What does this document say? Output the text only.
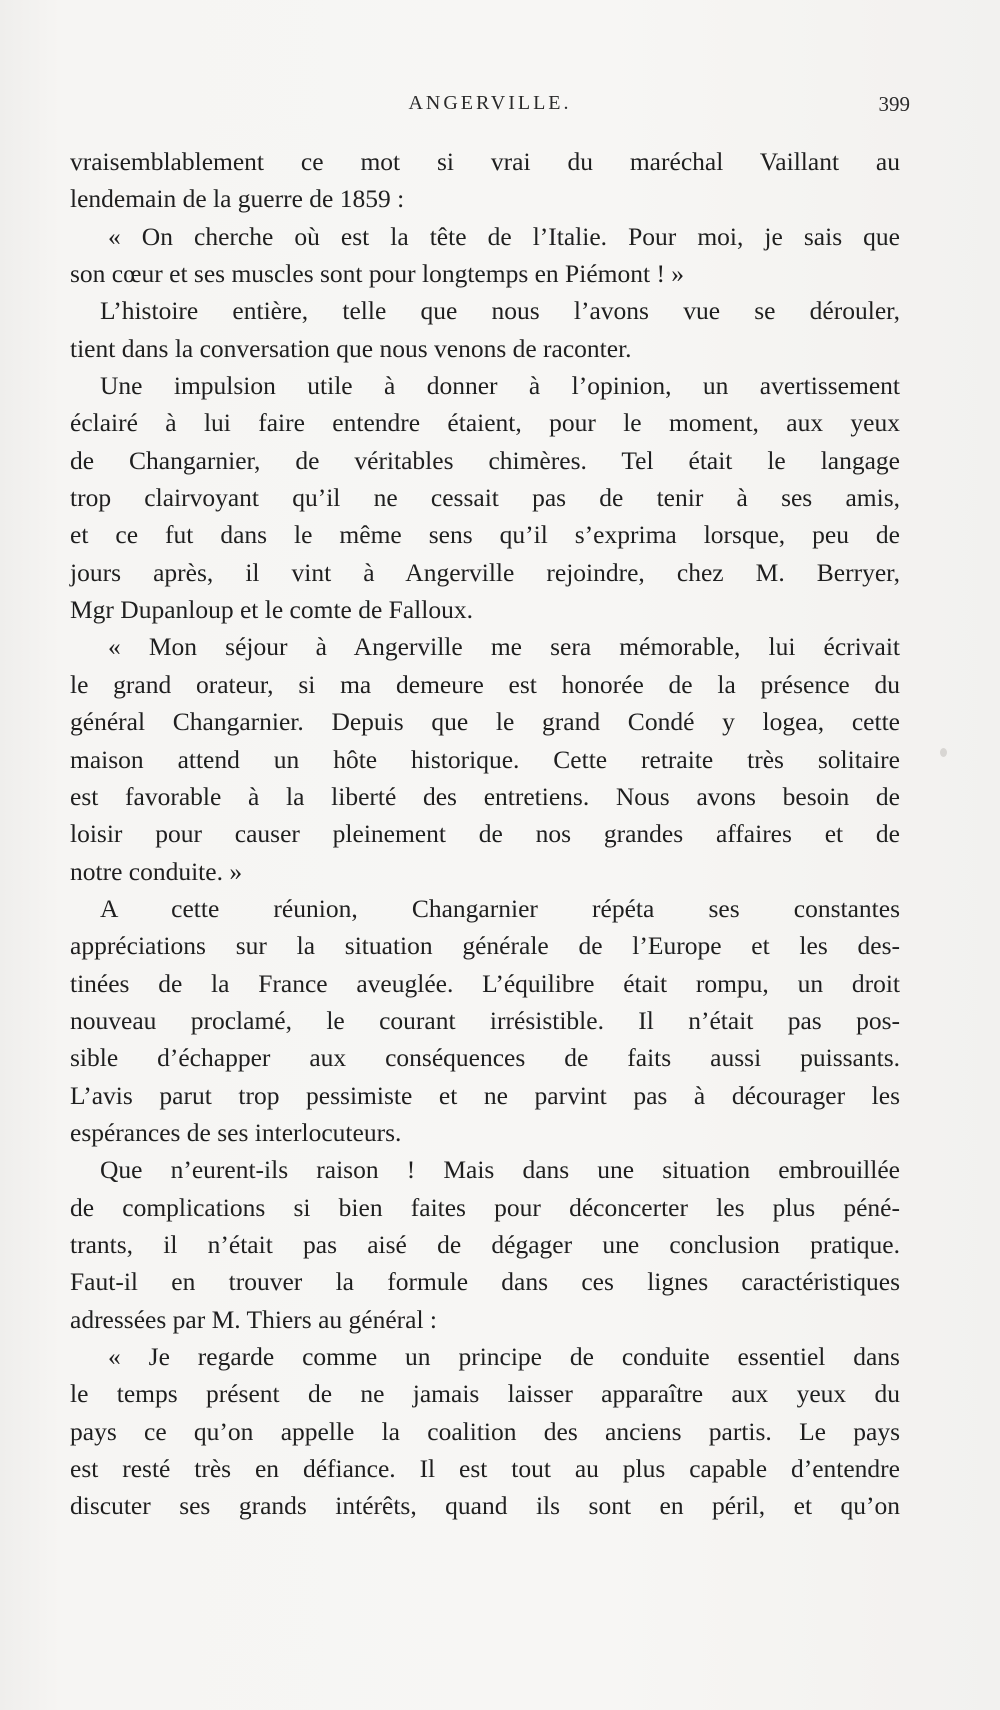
ANGERVILLE.	399

vraisemblablement ce mot si vrai du maréchal Vaillant au

lendemain de la guerre de 1859 :

« On cherche où est la tête de l’Italie. Pour moi, je sais que

son cœur et ses muscles sont pour longtemps en Piémont ! »

L’histoire entière, telle que nous l’avons vue se dérouler,

tient dans la conversation que nous venons de raconter.

Une impulsion utile à donner à l’opinion, un avertissement

éclairé à lui faire entendre étaient, pour le moment, aux yeux

de Changarnier, de véritables chimères. Tel était le langage

trop clairvoyant qu’il ne cessait pas de tenir à ses amis,

et ce fut dans le même sens qu’il s’exprima lorsque, peu de

jours après, il vint à Angerville rejoindre, chez M. Berryer,

Mgr Dupanloup et le comte de Falloux.

« Mon séjour à Angerville me sera mémorable, lui écrivait

le grand orateur, si ma demeure est honorée de la présence du

général Changarnier. Depuis que le grand Condé y logea, cette

maison attend un hôte historique. Cette retraite très solitaire

est favorable à la liberté des entretiens. Nous avons besoin de

loisir pour causer pleinement de nos grandes affaires et de

notre conduite. »

A cette réunion, Changarnier répéta ses constantes

appréciations sur la situation générale de l’Europe et les des-

tinées de la France aveuglée. L’équilibre était rompu, un droit

nouveau proclamé, le courant irrésistible. Il n’était pas pos-

sible d’échapper aux conséquences de faits aussi puissants.

L’avis parut trop pessimiste et ne parvint pas à décourager les

espérances de ses interlocuteurs.

Que n’eurent-ils raison ! Mais dans une situation embrouillée

de complications si bien faites pour déconcerter les plus péné-

trants, il n’était pas aisé de dégager une conclusion pratique.

Faut-il en trouver la formule dans ces lignes caractéristiques

adressées par M. Thiers au général :

« Je regarde comme un principe de conduite essentiel dans

le temps présent de ne jamais laisser apparaître aux yeux du

pays ce qu’on appelle la coalition des anciens partis. Le pays

est resté très en défiance. Il est tout au plus capable d’entendre

discuter ses grands intérêts, quand ils sont en péril, et qu’on
